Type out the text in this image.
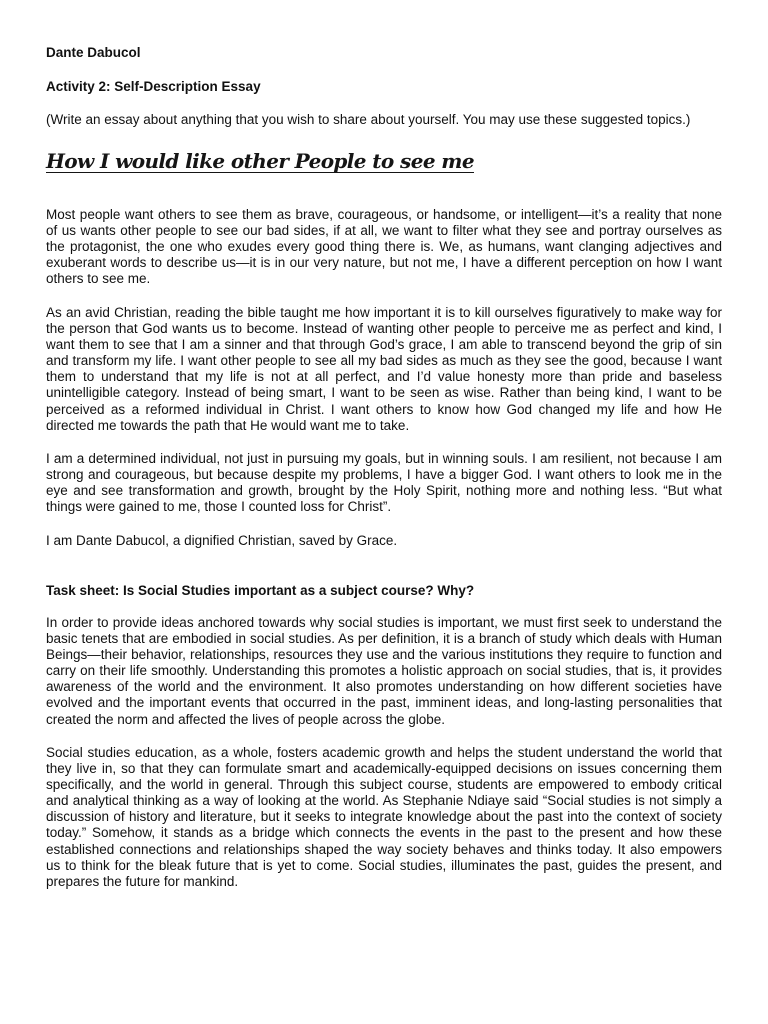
Dante Dabucol
Activity 2: Self-Description Essay
(Write an essay about anything that you wish to share about yourself. You may use these suggested topics.)
How I would like other People to see me
Most people want others to see them as brave, courageous, or handsome, or intelligent—it’s a reality that none of us wants other people to see our bad sides, if at all, we want to filter what they see and portray ourselves as the protagonist, the one who exudes every good thing there is. We, as humans, want clanging adjectives and exuberant words to describe us—it is in our very nature, but not me, I have a different perception on how I want others to see me.
As an avid Christian, reading the bible taught me how important it is to kill ourselves figuratively to make way for the person that God wants us to become. Instead of wanting other people to perceive me as perfect and kind, I want them to see that I am a sinner and that through God’s grace, I am able to transcend beyond the grip of sin and transform my life. I want other people to see all my bad sides as much as they see the good, because I want them to understand that my life is not at all perfect, and I’d value honesty more than pride and baseless unintelligible category. Instead of being smart, I want to be seen as wise. Rather than being kind, I want to be perceived as a reformed individual in Christ. I want others to know how God changed my life and how He directed me towards the path that He would want me to take.
I am a determined individual, not just in pursuing my goals, but in winning souls. I am resilient, not because I am strong and courageous, but because despite my problems, I have a bigger God. I want others to look me in the eye and see transformation and growth, brought by the Holy Spirit, nothing more and nothing less. “But what things were gained to me, those I counted loss for Christ”.
I am Dante Dabucol, a dignified Christian, saved by Grace.
Task sheet: Is Social Studies important as a subject course? Why?
In order to provide ideas anchored towards why social studies is important, we must first seek to understand the basic tenets that are embodied in social studies. As per definition, it is a branch of study which deals with Human Beings—their behavior, relationships, resources they use and the various institutions they require to function and carry on their life smoothly. Understanding this promotes a holistic approach on social studies, that is, it provides awareness of the world and the environment. It also promotes understanding on how different societies have evolved and the important events that occurred in the past, imminent ideas, and long-lasting personalities that created the norm and affected the lives of people across the globe.
Social studies education, as a whole, fosters academic growth and helps the student understand the world that they live in, so that they can formulate smart and academically-equipped decisions on issues concerning them specifically, and the world in general. Through this subject course, students are empowered to embody critical and analytical thinking as a way of looking at the world. As Stephanie Ndiaye said “Social studies is not simply a discussion of history and literature, but it seeks to integrate knowledge about the past into the context of society today.” Somehow, it stands as a bridge which connects the events in the past to the present and how these established connections and relationships shaped the way society behaves and thinks today. It also empowers us to think for the bleak future that is yet to come. Social studies, illuminates the past, guides the present, and prepares the future for mankind.
